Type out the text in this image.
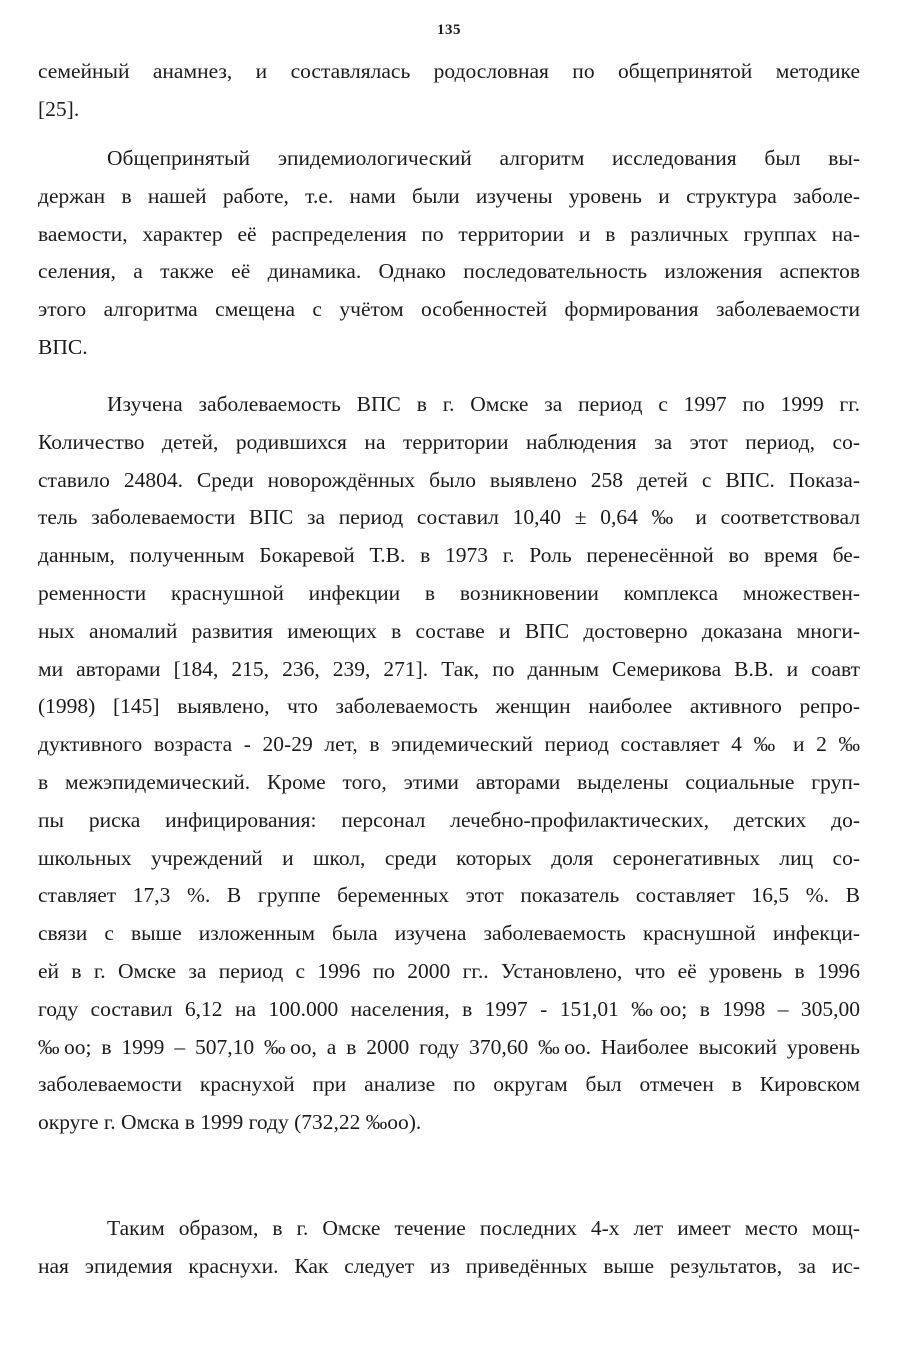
135
семейный анамнез, и составлялась родословная по общепринятой методике
[25].
Общепринятый эпидемиологический алгоритм исследования был вы-
держан в нашей работе, т.е. нами были изучены уровень и структура заболе-
ваемости, характер её распределения по территории и в различных группах на-
селения, а также её динамика. Однако последовательность изложения аспектов
этого алгоритма смещена с учётом особенностей формирования заболеваемости
ВПС.
Изучена заболеваемость ВПС в г. Омске за период с 1997 по 1999 гг.
Количество детей, родившихся на территории наблюдения за этот период, со-
ставило 24804. Среди новорождённых было выявлено 258 детей с ВПС. Показа-
тель заболеваемости ВПС за период составил 10,40 ± 0,64 ‰ и соответствовал
данным, полученным Бокаревой Т.В. в 1973 г. Роль перенесённой во время бе-
ременности краснушной инфекции в возникновении комплекса множествен-
ных аномалий развития имеющих в составе и ВПС достоверно доказана многи-
ми авторами [184, 215, 236, 239, 271]. Так, по данным Семерикова В.В. и соавт
(1998) [145] выявлено, что заболеваемость женщин наиболее активного репро-
дуктивного возраста - 20-29 лет, в эпидемический период составляет 4 ‰ и 2 ‰
в межэпидемический. Кроме того, этими авторами выделены социальные груп-
пы риска инфицирования: персонал лечебно-профилактических, детских до-
школьных учреждений и школ, среди которых доля серонегативных лиц со-
ставляет 17,3 %. В группе беременных этот показатель составляет 16,5 %. В
связи с выше изложенным была изучена заболеваемость краснушной инфекци-
ей в г. Омске за период с 1996 по 2000 гг.. Установлено, что её уровень в 1996
году составил 6,12 на 100.000 населения, в 1997 - 151,01 ‰oo; в 1998 – 305,00
‰oo; в 1999 – 507,10 ‰oo, а в 2000 году 370,60 ‰oo. Наиболее высокий уровень
заболеваемости краснухой при анализе по округам был отмечен в Кировском
округе г. Омска в 1999 году (732,22 ‰oo).
Таким образом, в г. Омске течение последних 4-х лет имеет место мощ-
ная эпидемия краснухи. Как следует из приведённых выше результатов, за ис-
